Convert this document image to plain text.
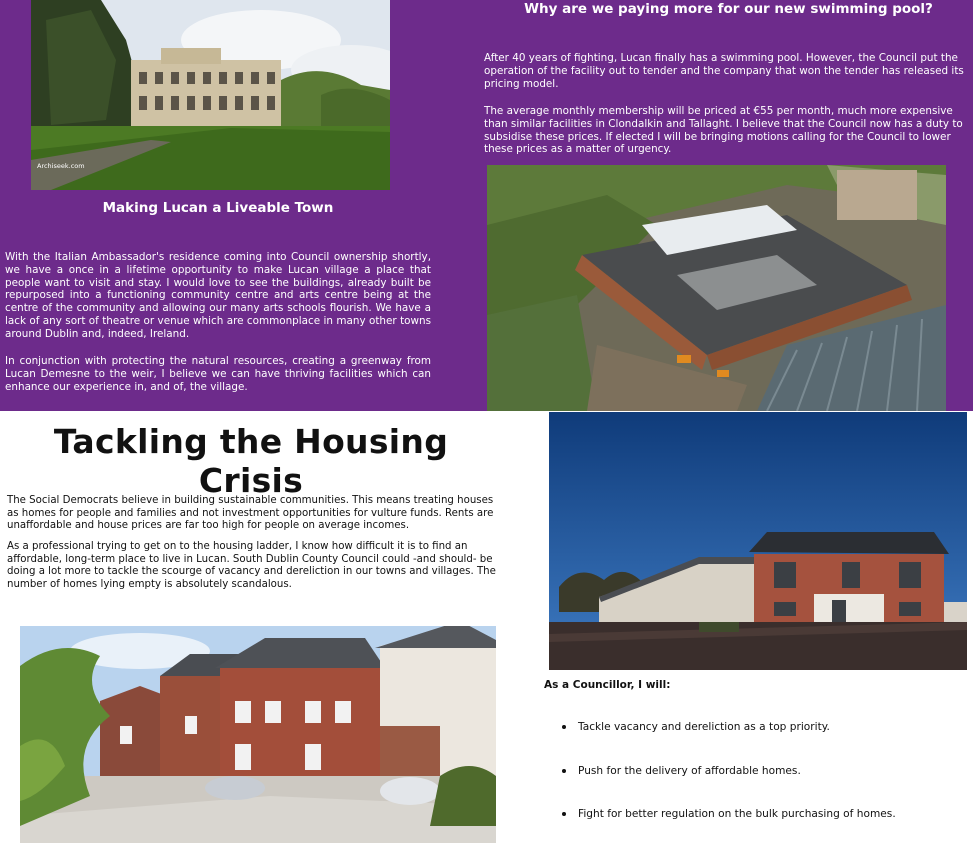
Archiseek.com
Making Lucan a Liveable Town

With the Italian Ambassador's residence coming into Council ownership shortly, we have a once in a lifetime opportunity to make Lucan village a place that people want to visit and stay. I would love to see the buildings, already built be repurposed into a functioning community centre and arts centre being at the centre of the community and allowing our many arts schools flourish. We have a lack of any sort of theatre or venue which are commonplace in many other towns around Dublin and, indeed, Ireland.

In conjunction with protecting the natural resources, creating a greenway from Lucan Demesne to the weir, I believe we can have thriving facilities which can enhance our experience in, and of, the village.

Why are we paying more for our new swimming pool?

After 40 years of fighting, Lucan finally has a swimming pool. However, the Council put the operation of the facility out to tender and the company that won the tender has released its pricing model.

The average monthly membership will be priced at €55 per month, much more expensive than similar facilities in Clondalkin and Tallaght. I believe that the Council now has a duty to subsidise these prices. If elected I will be bringing motions calling for the Council to lower these prices as a matter of urgency.

Tackling the Housing Crisis

The Social Democrats believe in building sustainable communities. This means treating houses as homes for people and families and not investment opportunities for vulture funds. Rents are unaffordable and house prices are far too high for people on average incomes.

As a professional trying to get on to the housing ladder, I know how difficult it is to find an affordable, long-term place to live in Lucan. South Dublin County Council could -and should- be doing a lot more to tackle the scourge of vacancy and dereliction in our towns and villages. The number of homes lying empty is absolutely scandalous.

As a Councillor, I will:

Tackle vacancy and dereliction as a top priority.
Push for the delivery of affordable homes.
Fight for better regulation on the bulk purchasing of homes.
